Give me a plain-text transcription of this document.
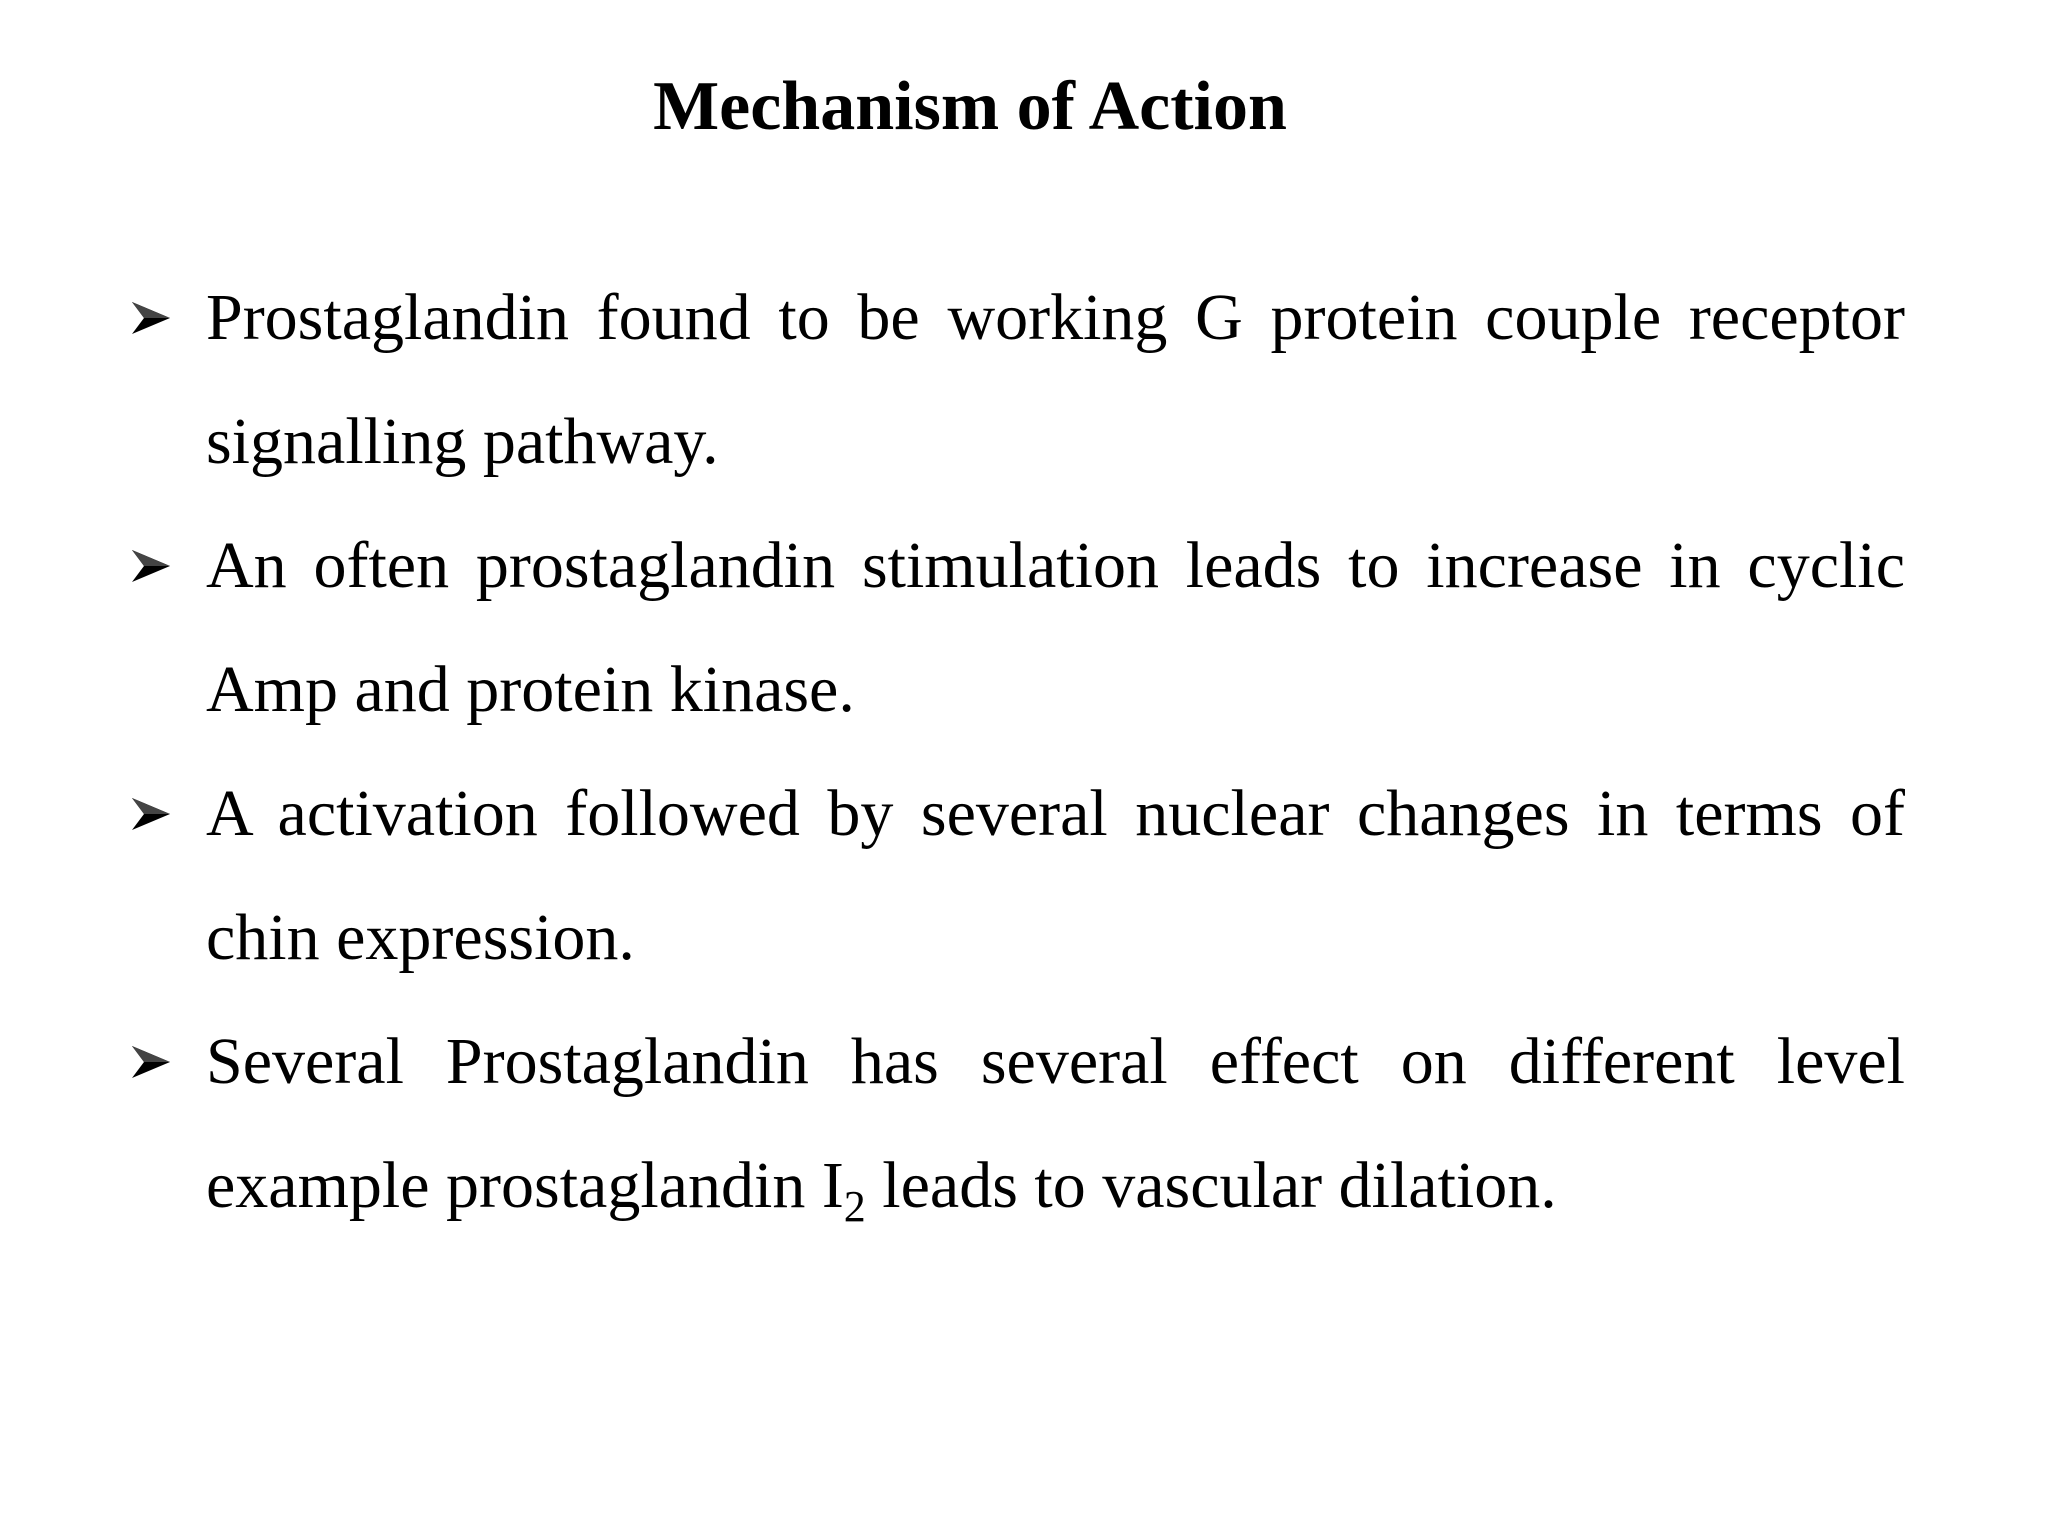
Mechanism of Action
Prostaglandin found to be working G protein couple receptor signalling pathway.
An often prostaglandin stimulation leads to increase in cyclic Amp and protein kinase.
A activation followed by several nuclear changes in terms of chin expression.
Several Prostaglandin has several effect on different level example prostaglandin $I_2$ leads to vascular dilation.
